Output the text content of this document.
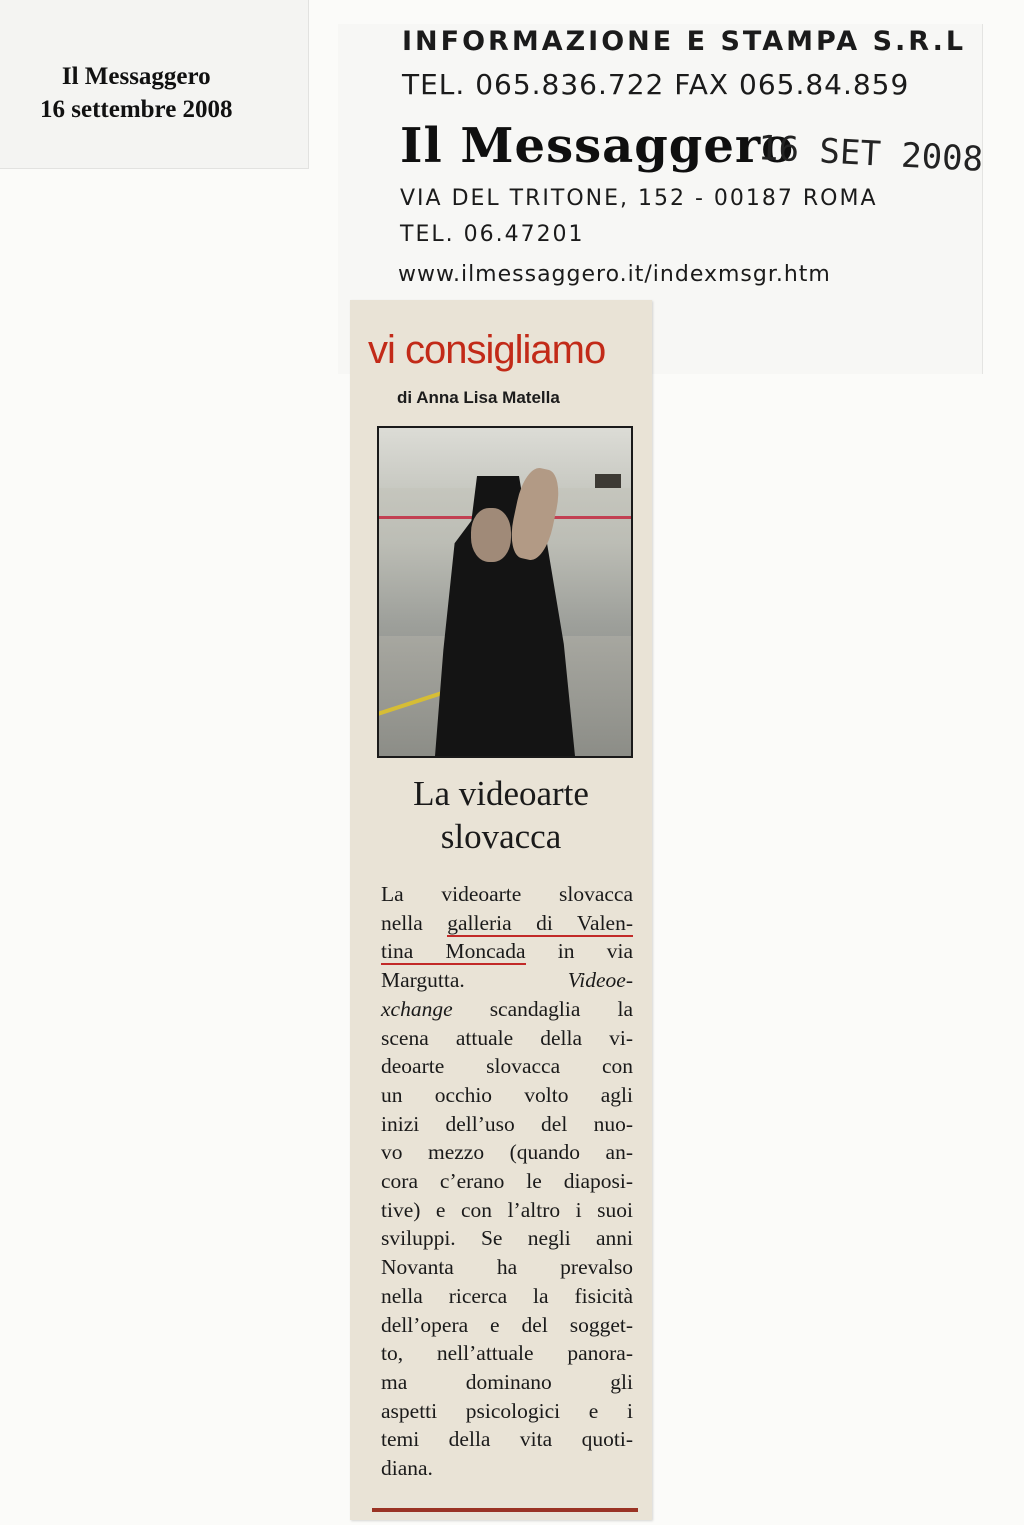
Il Messaggero
16 settembre 2008
INFORMAZIONE E STAMPA S.R.L
TEL. 065.836.722 FAX 065.84.859
Il Messaggero
16 SET 2008
VIA DEL TRITONE, 152 - 00187 ROMA
TEL. 06.47201
www.ilmessaggero.it/indexmsgr.htm
vi consigliamo
di Anna Lisa Matella
La videoarte
slovacca
La videoarte slovacca
nella galleria di Valen-
tina Moncada in via
Margutta. Videoe-
xchange scandaglia la
scena attuale della vi-
deoarte slovacca con
un occhio volto agli
inizi dell’uso del nuo-
vo mezzo (quando an-
cora c’erano le diaposi-
tive) e con l’altro i suoi
sviluppi. Se negli anni
Novanta ha prevalso
nella ricerca la fisicità
dell’opera e del sogget-
to, nell’attuale panora-
ma dominano gli
aspetti psicologici e i
temi della vita quoti-
diana.
